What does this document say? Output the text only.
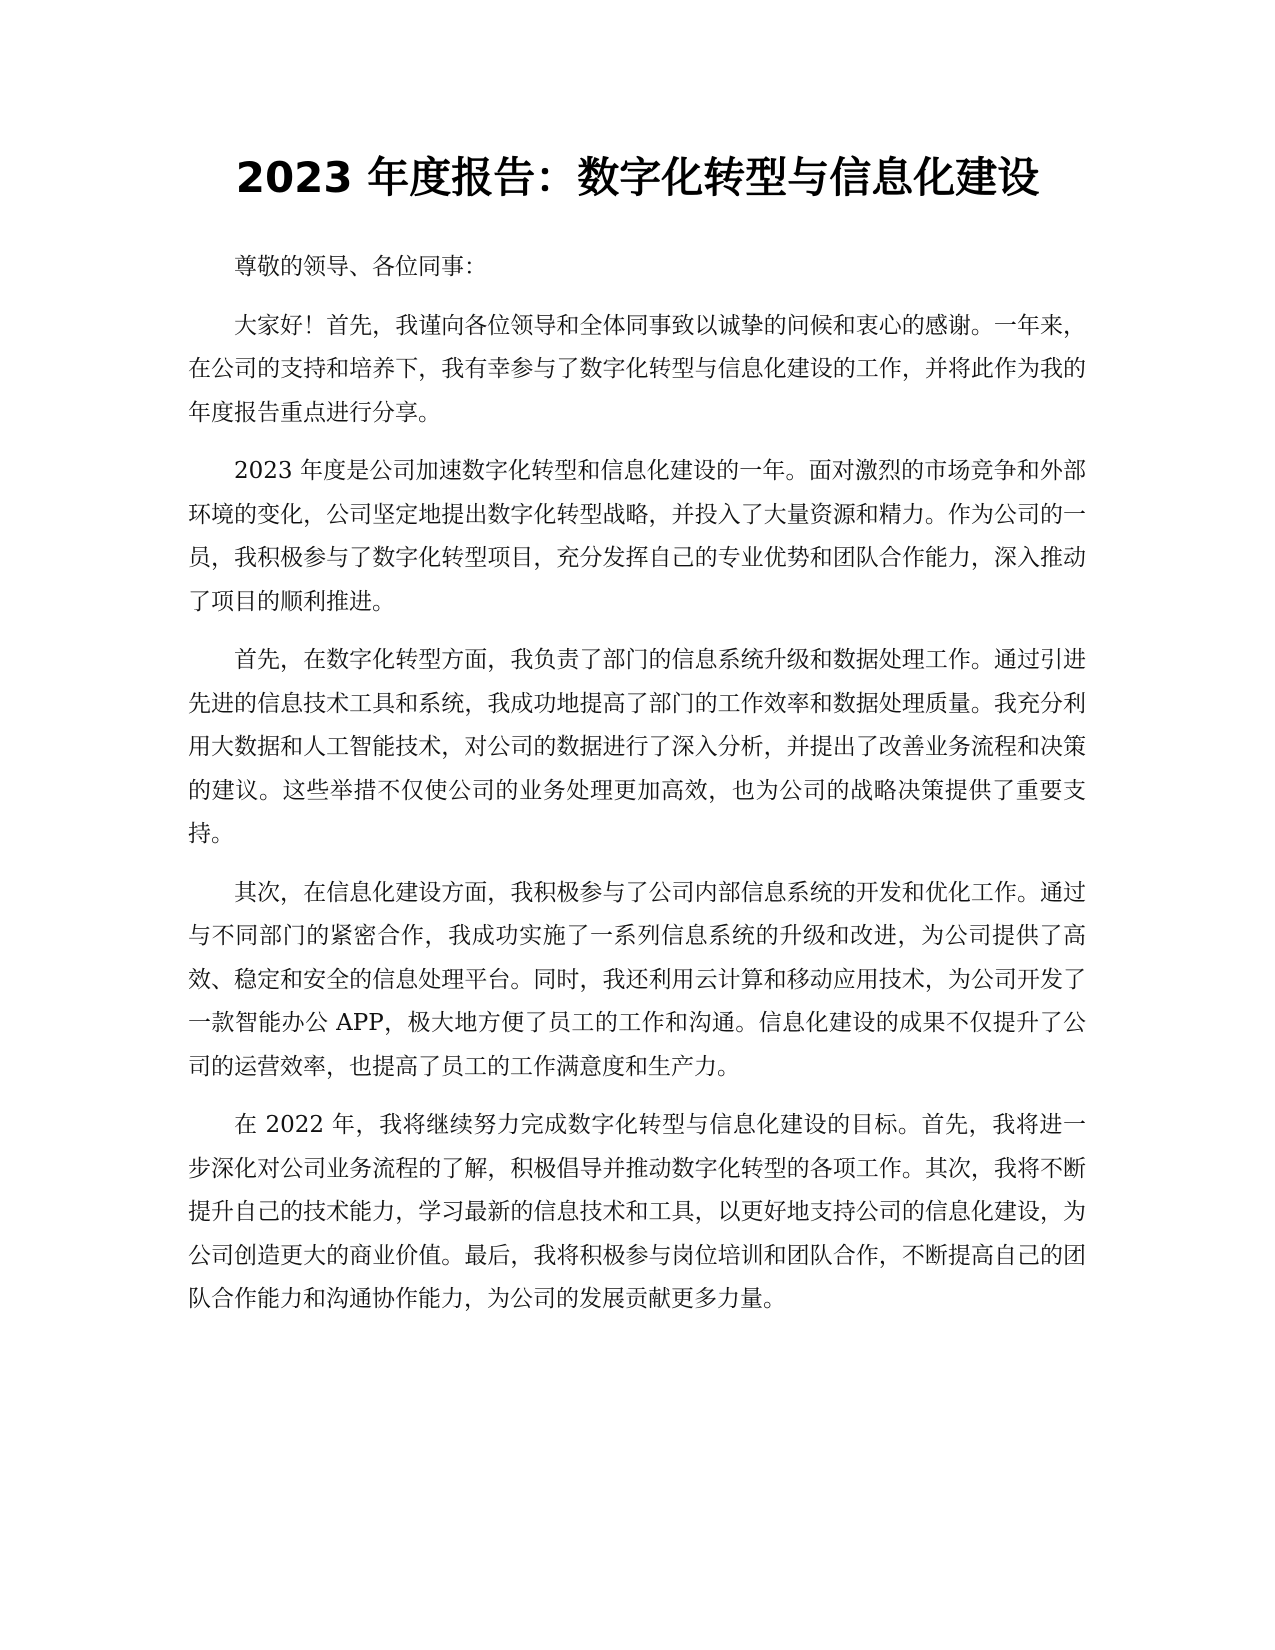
2023 年度报告：数字化转型与信息化建设

尊敬的领导、各位同事：

大家好！首先，我谨向各位领导和全体同事致以诚挚的问候和衷心的感谢。一年来，在公司的支持和培养下，我有幸参与了数字化转型与信息化建设的工作，并将此作为我的年度报告重点进行分享。

2023 年度是公司加速数字化转型和信息化建设的一年。面对激烈的市场竞争和外部环境的变化，公司坚定地提出数字化转型战略，并投入了大量资源和精力。作为公司的一员，我积极参与了数字化转型项目，充分发挥自己的专业优势和团队合作能力，深入推动了项目的顺利推进。

首先，在数字化转型方面，我负责了部门的信息系统升级和数据处理工作。通过引进先进的信息技术工具和系统，我成功地提高了部门的工作效率和数据处理质量。我充分利用大数据和人工智能技术，对公司的数据进行了深入分析，并提出了改善业务流程和决策的建议。这些举措不仅使公司的业务处理更加高效，也为公司的战略决策提供了重要支持。

其次，在信息化建设方面，我积极参与了公司内部信息系统的开发和优化工作。通过与不同部门的紧密合作，我成功实施了一系列信息系统的升级和改进，为公司提供了高效、稳定和安全的信息处理平台。同时，我还利用云计算和移动应用技术，为公司开发了一款智能办公 APP，极大地方便了员工的工作和沟通。信息化建设的成果不仅提升了公司的运营效率，也提高了员工的工作满意度和生产力。

在 2022 年，我将继续努力完成数字化转型与信息化建设的目标。首先，我将进一步深化对公司业务流程的了解，积极倡导并推动数字化转型的各项工作。其次，我将不断提升自己的技术能力，学习最新的信息技术和工具，以更好地支持公司的信息化建设，为公司创造更大的商业价值。最后，我将积极参与岗位培训和团队合作，不断提高自己的团队合作能力和沟通协作能力，为公司的发展贡献更多力量。
